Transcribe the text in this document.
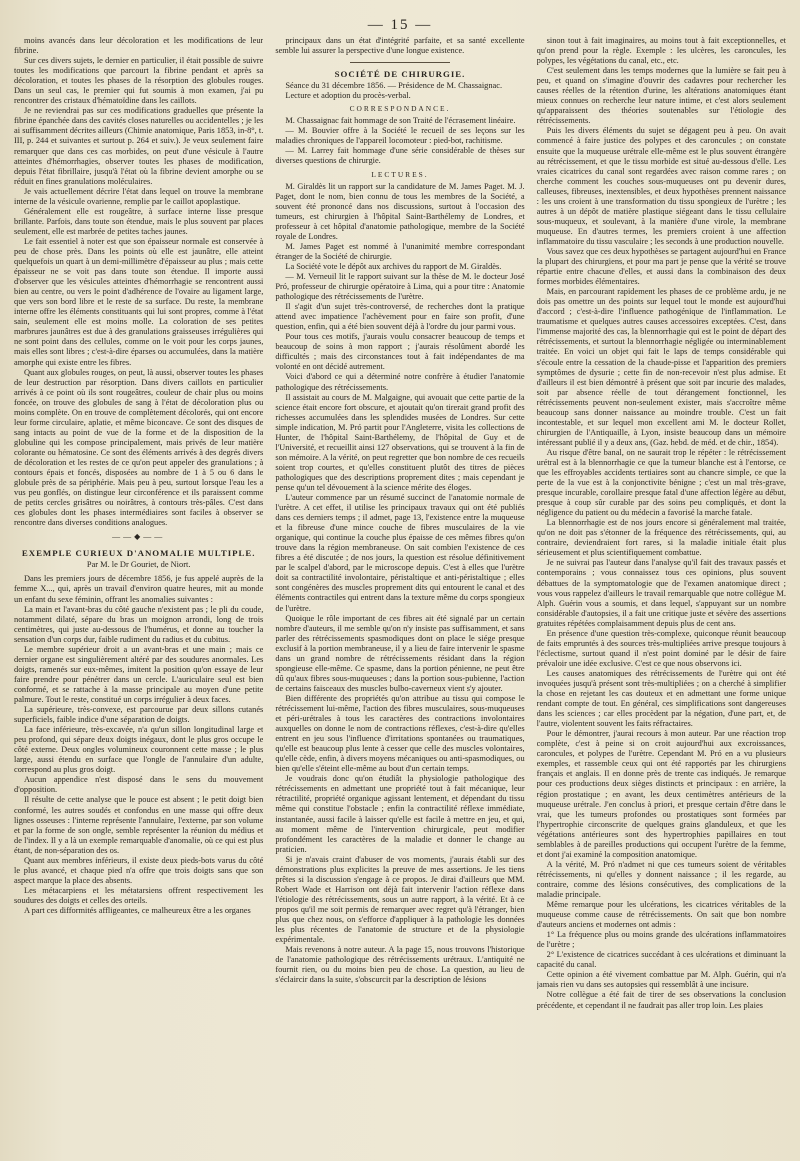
— 15 —

moins avancés dans leur décoloration et les modifications de leur fibrine.

Sur ces divers sujets, le dernier en particulier, il était possible de suivre toutes les modifications que parcourt la fibrine pendant et après sa décoloration, et toutes les phases de la résorption des globules rouges. Dans un seul cas, le premier qui fut soumis à mon examen, j'ai pu rencontrer des cristaux d'hématoïdine dans les caillots.

Je ne reviendrai pas sur ces modifications graduelles que présente la fibrine épanchée dans des cavités closes naturelles ou accidentelles ; je les ai suffisamment décrites ailleurs (Chimie anatomique, Paris 1853, in-8°, t. III, p. 244 et suivantes et surtout p. 264 et suiv.). Je veux seulement faire remarquer que dans ces cas morbides, on peut d'une vésicule à l'autre atteintes d'hémorrhagies, observer toutes les phases de modification, depuis l'état fibrillaire, jusqu'à l'état où la fibrine devient amorphe ou se réduit en fines granulations moléculaires.

Je vais actuellement décrire l'état dans lequel on trouve la membrane interne de la vésicule ovarienne, remplie par le caillot apoplastique.

Généralement elle est rougeâtre, à surface interne lisse presque brillante. Parfois, dans toute son étendue, mais le plus souvent par places seulement, elle est marbrée de petites taches jaunes.

Le fait essentiel à noter est que son épaisseur normale est conservée à peu de chose près. Dans les points où elle est jaunâtre, elle atteint quelquefois un quart à un demi-millimètre d'épaisseur au plus ; mais cette épaisseur ne se voit pas dans toute son étendue. Il importe aussi d'observer que les vésicules atteintes d'hémorrhagie se rencontrent aussi bien au centre, ou vers le point d'adhérence de l'ovaire au ligament large, que vers son bord libre et le reste de sa surface. Du reste, la membrane interne offre les éléments constituants qui lui sont propres, comme à l'état sain, seulement elle est moins molle. La coloration de ses petites marbrures jaunâtres est due à des granulations graisseuses irrégulières qui ne sont point dans des cellules, comme on le voit pour les corps jaunes, mais elles sont libres ; c'est-à-dire éparses ou accumulées, dans la matière amorphe qui existe entre les fibres.

Quant aux globules rouges, on peut, là aussi, observer toutes les phases de leur destruction par résorption. Dans divers caillots en particulier arrivés à ce point où ils sont rougeâtres, couleur de chair plus ou moins foncée, on trouve des globules de sang à l'état de décoloration plus ou moins complète. On en trouve de complètement décolorés, qui ont encore leur forme circulaire, aplatie, et même biconcave. Ce sont des disques de sang intacts au point de vue de la forme et de la disposition de la globuline qui les compose principalement, mais privés de leur matière colorante ou hématosine. Ce sont des éléments arrivés à des degrés divers de décoloration et les restes de ce qu'on peut appeler des granulations ; à contours épais et foncés, disposées au nombre de 1 à 5 ou 6 dans le globule près de sa périphérie. Mais peu à peu, surtout lorsque l'eau les a vus peu gonflés, on distingue leur circonférence et ils paraissent comme de petits cercles grisâtres ou noirâtres, à contours très-pâles. C'est dans ces globules dont les phases intermédiaires sont faciles à observer se rencontre dans diverses conditions analogues.

——◆——
EXEMPLE CURIEUX D'ANOMALIE MULTIPLE.
Par M. le Dr Gouriet, de Niort.

Dans les premiers jours de décembre 1856, je fus appelé auprès de la femme X..., qui, après un travail d'environ quatre heures, mit au monde un enfant du sexe féminin, offrant les anomalies suivantes :

La main et l'avant-bras du côté gauche n'existent pas ; le pli du coude, notamment dilaté, sépare du bras un moignon arrondi, long de trois centimètres, qui juste au-dessous de l'humérus, et donne au toucher la sensation d'un corps dur, faible rudiment du radius et du cubitus.

Le membre supérieur droit a un avant-bras et une main ; mais ce dernier organe est singulièrement altéré par des soudures anormales. Les doigts, ramenés sur eux-mêmes, imitent la position qu'on essaye de leur faire prendre pour pénétrer dans un cercle. L'auriculaire seul est bien conformé, et se rattache à la masse principale au moyen d'une petite palmure. Tout le reste, constitué un corps irrégulier à deux faces.

La supérieure, très-convexe, est parcourue par deux sillons cutanés superficiels, faible indice d'une séparation de doigts.

La face inférieure, très-excavée, n'a qu'un sillon longitudinal large et peu profond, qui sépare deux doigts inégaux, dont le plus gros occupe le côté externe. Deux ongles volumineux couronnent cette masse ; le plus large, aussi étendu en surface que l'ongle de l'annulaire d'un adulte, correspond au plus gros doigt.

Aucun appendice n'est disposé dans le sens du mouvement d'opposition.

Il résulte de cette analyse que le pouce est absent ; le petit doigt bien conformé, les autres soudés et confondus en une masse qui offre deux lignes osseuses : l'interne représente l'annulaire, l'externe, par son volume et par la forme de son ongle, semble représenter la réunion du médius et de l'index. Il y a là un exemple remarquable d'anomalie, où ce qui est plus étant, de non-séparation des os.

Quant aux membres inférieurs, il existe deux pieds-bots varus du côté le plus avancé, et chaque pied n'a offre que trois doigts sans que son aspect marque la place des absents.

Les métacarpiens et les métatarsiens offrent respectivement les soudures des doigts et celles des orteils.

A part ces difformités affligeantes, ce malheureux être a les organes

principaux dans un état d'intégrité parfaite, et sa santé excellente semble lui assurer la perspective d'une longue existence.

SOCIÉTÉ DE CHIRURGIE.

Séance du 31 décembre 1856. — Présidence de M. Chassaignac.

Lecture et adoption du procès-verbal.

CORRESPONDANCE.

M. Chassaignac fait hommage de son Traité de l'écrasement linéaire.

— M. Bouvier offre à la Société le recueil de ses leçons sur les maladies chroniques de l'appareil locomoteur : pied-bot, rachitisme.

— M. Larrey fait hommage d'une série considérable de thèses sur diverses questions de chirurgie.

LECTURES.

M. Giraldès lit un rapport sur la candidature de M. James Paget. M. J. Paget, dont le nom, bien connu de tous les membres de la Société, a souvent été prononcé dans nos discussions, surtout à l'occasion des tumeurs, est chirurgien à l'hôpital Saint-Barthélemy de Londres, et professeur à cet hôpital d'anatomie pathologique, membre de la Société royale de Londres.

M. James Paget est nommé à l'unanimité membre correspondant étranger de la Société de chirurgie.

La Société vote le dépôt aux archives du rapport de M. Giraldès.

— M. Verneuil lit le rapport suivant sur la thèse de M. le docteur José Pró, professeur de chirurgie opératoire à Lima, qui a pour titre : Anatomie pathologique des rétrécissements de l'urètre.

Il s'agit d'un sujet très-controversé, de recherches dont la pratique attend avec impatience l'achèvement pour en faire son profit, d'une question, enfin, qui a été bien souvent déjà à l'ordre du jour parmi vous.

Pour tous ces motifs, j'aurais voulu consacrer beaucoup de temps et beaucoup de soins à mon rapport ; j'aurais résolûment abordé les difficultés ; mais des circonstances tout à fait indépendantes de ma volonté en ont décidé autrement.

Voici d'abord ce qui a déterminé notre confrère à étudier l'anatomie pathologique des rétrécissements.

Il assistait au cours de M. Malgaigne, qui avouait que cette partie de la science était encore fort obscure, et ajoutait qu'on tirerait grand profit des richesses accumulées dans les splendides musées de Londres. Sur cette simple indication, M. Pró partit pour l'Angleterre, visita les collections de Hunter, de l'hôpital Saint-Barthélemy, de l'hôpital de Guy et de l'Université, et recueillit ainsi 127 observations, qui se trouvent à la fin de son mémoire. A la vérité, on peut regretter que bon nombre de ces recueils soient trop courtes, et qu'elles constituent plutôt des titres de pièces pathologiques que des descriptions proprement dites ; mais cependant je pense qu'un tel dévouement à la science mérite des éloges.

L'auteur commence par un résumé succinct de l'anatomie normale de l'urètre. A cet effet, il utilise les principaux travaux qui ont été publiés dans ces derniers temps ; il admet, page 13, l'existence entre la muqueuse et la fibreuse d'une mince couche de fibres musculaires de la vie organique, qui continue la couche plus épaisse de ces mêmes fibres qu'on trouve dans la région membraneuse. On sait combien l'existence de ces fibres a été discutée ; de nos jours, la question est résolue définitivement par le scalpel d'abord, par le microscope depuis. C'est à elles que l'urètre doit sa contractilité involontaire, péristaltique et anti-péristaltique ; elles sont congénères des muscles proprement dits qui entourent le canal et des éléments contractiles qui entrent dans la texture même du corps spongieux de l'urètre.

Quoique le rôle important de ces fibres ait été signalé par un certain nombre d'auteurs, il me semble qu'on n'y insiste pas suffisamment, et sans parler des rétrécissements spasmodiques dont on place le siége presque exclusif à la portion membraneuse, il y a lieu de faire intervenir le spasme dans un grand nombre de rétrécissements résidant dans la région spongieuse elle-même. Ce spasme, dans la portion pénienne, ne peut être dû qu'aux fibres sous-muqueuses ; dans la portion sous-pubienne, l'action de certains faisceaux des muscles bulbo-caverneux vient s'y ajouter.

Bien différente des propriétés qu'on attribue au tissu qui compose le rétrécissement lui-même, l'action des fibres musculaires, sous-muqueuses et péri-urétrales à tous les caractères des contractions involontaires auxquelles on donne le nom de contractions réflexes, c'est-à-dire qu'elles entrent en jeu sous l'influence d'irritations spontanées ou traumatiques, qu'elle est beaucoup plus lente à cesser que celle des muscles volontaires, qu'elle cède, enfin, à divers moyens mécaniques ou anti-spasmodiques, ou bien qu'elle s'éteint elle-même au bout d'un certain temps.

Je voudrais donc qu'on étudiât la physiologie pathologique des rétrécissements en admettant une propriété tout à fait mécanique, leur rétractilité, propriété organique agissant lentement, et dépendant du tissu même qui constitue l'obstacle ; enfin la contractilité réflexe immédiate, instantanée, aussi facile à laisser qu'elle est facile à mettre en jeu, et qui, au moment même de l'intervention chirurgicale, peut modifier profondément les caractères de la maladie et donner le change au praticien.

Si je n'avais craint d'abuser de vos moments, j'aurais établi sur des démonstrations plus explicites la preuve de mes assertions. Je les tiens prêtes si la discussion s'engage à ce propos. Je dirai d'ailleurs que MM. Robert Wade et Harrison ont déjà fait intervenir l'action réflexe dans l'étiologie des rétrécissements, sous un autre rapport, à la vérité. Et à ce propos qu'il me soit permis de remarquer avec regret qu'à l'étranger, bien plus que chez nous, on s'efforce d'appliquer à la pathologie les données les plus récentes de l'anatomie de structure et de la physiologie expérimentale.

Mais revenons à notre auteur. A la page 15, nous trouvons l'historique de l'anatomie pathologique des rétrécissements urétraux. L'antiquité ne fournit rien, ou du moins bien peu de chose. La question, au lieu de s'éclaircir dans la suite, s'obscurcit par la description de lésions

sinon tout à fait imaginaires, au moins tout à fait exceptionnelles, et qu'on prend pour la règle. Exemple : les ulcères, les caroncules, les polypes, les végétations du canal, etc., etc.

C'est seulement dans les temps modernes que la lumière se fait peu à peu, et quand on s'imagine d'ouvrir des cadavres pour rechercher les causes réelles de la rétention d'urine, les altérations anatomiques étant mieux connues on recherche leur nature intime, et c'est alors seulement qu'apparaissent des théories soutenables sur l'étiologie des rétrécissements.

Puis les divers éléments du sujet se dégagent peu à peu. On avait commencé à faire justice des polypes et des caroncules ; on constate ensuite que la muqueuse urétrale elle-même est le plus souvent étrangère au rétrécissement, et que le tissu morbide est situé au-dessous d'elle. Les vraies cicatrices du canal sont regardées avec raison comme rares ; on cherche comment les couches sous-muqueuses ont pu devenir dures, calleuses, fibreuses, inextensibles, et deux hypothèses prennent naissance : les uns croient à une transformation du tissu spongieux de l'urètre ; les autres à un dépôt de matière plastique siégeant dans le tissu cellulaire sous-muqueux, et soulevant, à la manière d'une virole, la membrane muqueuse. En d'autres termes, les premiers croient à une affection inflammatoire du tissu vasculaire ; les seconds à une production nouvelle.

Vous savez que ces deux hypothèses se partagent aujourd'hui en France la plupart des chirurgiens, et pour ma part je pense que la vérité se trouve répartie entre chacune d'elles, et aussi dans la combinaison des deux formes morbides élémentaires.

Mais, en parcourant rapidement les phases de ce problème ardu, je ne dois pas omettre un des points sur lequel tout le monde est aujourd'hui d'accord ; c'est-à-dire l'influence pathogénique de l'inflammation. Le traumatisme et quelques autres causes accessoires exceptées. C'est, dans l'immense majorité des cas, la blennorrhagie qui est le point de départ des rétrécissements, et surtout la blennorrhagie négligée ou interminablement traitée. En voici un objet qui fait le laps de temps considérable qui s'écoule entre la cessation de la chaude-pisse et l'apparition des premiers symptômes de dysurie ; cette fin de non-recevoir n'est plus admise. Et d'ailleurs il est bien démontré à présent que soit par incurie des malades, soit par absence réelle de tout dérangement fonctionnel, les rétrécissements peuvent non-seulement exister, mais s'accroître même beaucoup sans donner naissance au moindre trouble. C'est un fait incontestable, et sur lequel mon excellent ami M. le docteur Rollet, chirurgien de l'Antiquaille, à Lyon, insiste beaucoup dans un mémoire intéressant publié il y a deux ans, (Gaz. hebd. de méd. et de chir., 1854).

Au risque d'être banal, on ne saurait trop le répéter : le rétrécissement urétral est à la blennorrhagie ce que la tumeur blanche est à l'entorse, ce que les effroyables accidents tertiaires sont au chancre simple, ce que la perte de la vue est à la conjonctivite bénigne ; c'est un mal très-grave, presque incurable, corollaire presque fatal d'une affection légère au début, presque à coup sûr curable par des soins peu compliqués, et dont la négligence du patient ou du médecin a favorisé la marche fatale.

La blennorrhagie est de nos jours encore si généralement mal traitée, qu'on ne doit pas s'étonner de la fréquence des rétrécissements, qui, au contraire, deviendraient fort rares, si la maladie initiale était plus sérieusement et plus scientifiquement combattue.

Je ne suivrai pas l'auteur dans l'analyse qu'il fait des travaux passés et contemporains ; vous connaissez tous ces opinions, plus souvent débattues de la symptomatologie que de l'examen anatomique direct ; vous vous rappelez d'ailleurs le travail remarquable que notre collègue M. Alph. Guérin vous a soumis, et dans lequel, s'appuyant sur un nombre considérable d'autopsies, il a fait une critique juste et sévère des assertions gratuites répétées complaisamment depuis plus de cent ans.

En présence d'une question très-complexe, quiconque réunit beaucoup de faits empruntés à des sources très-multipliées arrive presque toujours à l'éclectisme, surtout quand il n'est point dominé par le désir de faire prévaloir une idée exclusive. C'est ce que nous observons ici.

Les causes anatomiques des rétrécissements de l'urètre qui ont été invoquées jusqu'à présent sont très-multipliées ; on a cherché à simplifier la chose en rejetant les cas douteux et en admettant une forme unique rendant compte de tout. En général, ces simplifications sont dangereuses dans les sciences ; car elles procèdent par la négation, d'une part, et, de l'autre, violentent souvent les faits réfractaires.

Pour le démontrer, j'aurai recours à mon auteur. Par une réaction trop complète, c'est à peine si on croit aujourd'hui aux excroissances, caroncules, et polypes de l'urètre. Cependant M. Pró en a vu plusieurs exemples, et rassemble ceux qui ont été rapportés par les chirurgiens français et anglais. Il en donne près de trente cas indiqués. Je remarque pour ces productions deux sièges distincts et principaux : en arrière, la région prostatique ; en avant, les deux centimètres antérieurs de la muqueuse urétrale. J'en conclus à priori, et presque certain d'être dans le vrai, que les tumeurs profondes ou prostatiques sont formées par l'hypertrophie circonscrite de quelques grains glanduleux, et que les végétations antérieures sont des hypertrophies papillaires en tout semblables à de pareilles productions qui occupent l'urètre de la femme, et dont j'ai examiné la composition anatomique.

A la vérité, M. Pró n'admet ni que ces tumeurs soient de véritables rétrécissements, ni qu'elles y donnent naissance ; il les regarde, au contraire, comme des lésions consécutives, des complications de la maladie principale.

Même remarque pour les ulcérations, les cicatrices véritables de la muqueuse comme cause de rétrécissements. On sait que bon nombre d'auteurs anciens et modernes ont admis :

1° La fréquence plus ou moins grande des ulcérations inflammatoires de l'urètre ;

2° L'existence de cicatrices succédant à ces ulcérations et diminuant la capacité du canal.

Cette opinion a été vivement combattue par M. Alph. Guérin, qui n'a jamais rien vu dans ses autopsies qui ressemblât à une incisure.

Notre collègue a été fait de tirer de ses observations la conclusion précédente, et cependant il ne faudrait pas aller trop loin. Les plaies
